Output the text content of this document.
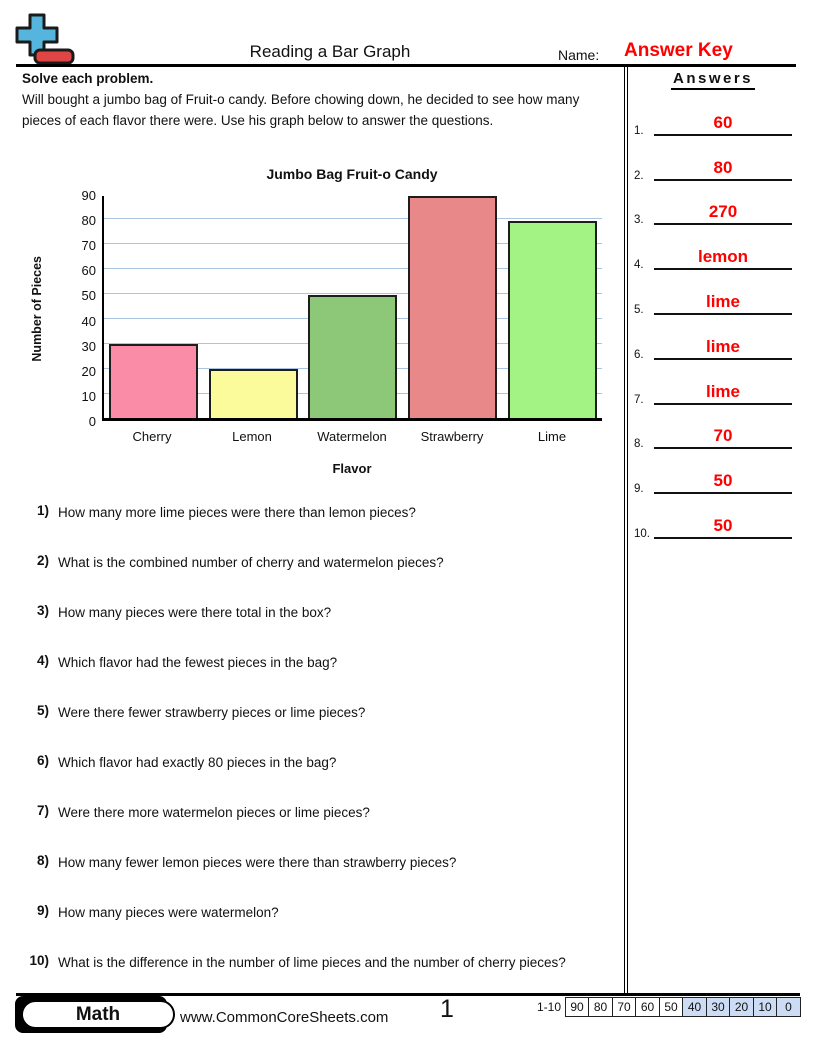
Reading a Bar Graph	Name: Answer Key

Solve each problem.

Will bought a jumbo bag of Fruit-o candy. Before chowing down, he decided to see how many pieces of each flavor there were. Use his graph below to answer the questions.

Jumbo Bag Fruit-o Candy
Number of Pieces
90
80
70
60
50
40
30
20
10
0
Cherry	Lemon	Watermelon	Strawberry	Lime
Flavor
1) How many more lime pieces were there than lemon pieces?
2) What is the combined number of cherry and watermelon pieces?
3) How many pieces were there total in the box?
4) Which flavor had the fewest pieces in the bag?
5) Were there fewer strawberry pieces or lime pieces?
6) Which flavor had exactly 80 pieces in the bag?
7) Were there more watermelon pieces or lime pieces?
8) How many fewer lemon pieces were there than strawberry pieces?
9) How many pieces were watermelon?
10) What is the difference in the number of lime pieces and the number of cherry pieces?
Answers
1.	60
2.	80
3.	270
4.	lemon
5.	lime
6.	lime
7.	lime
8.	70
9.	50
10.	50
Math	www.CommonCoreSheets.com	1	1-10 90 80 70 60 50 40 30 20 10	0
